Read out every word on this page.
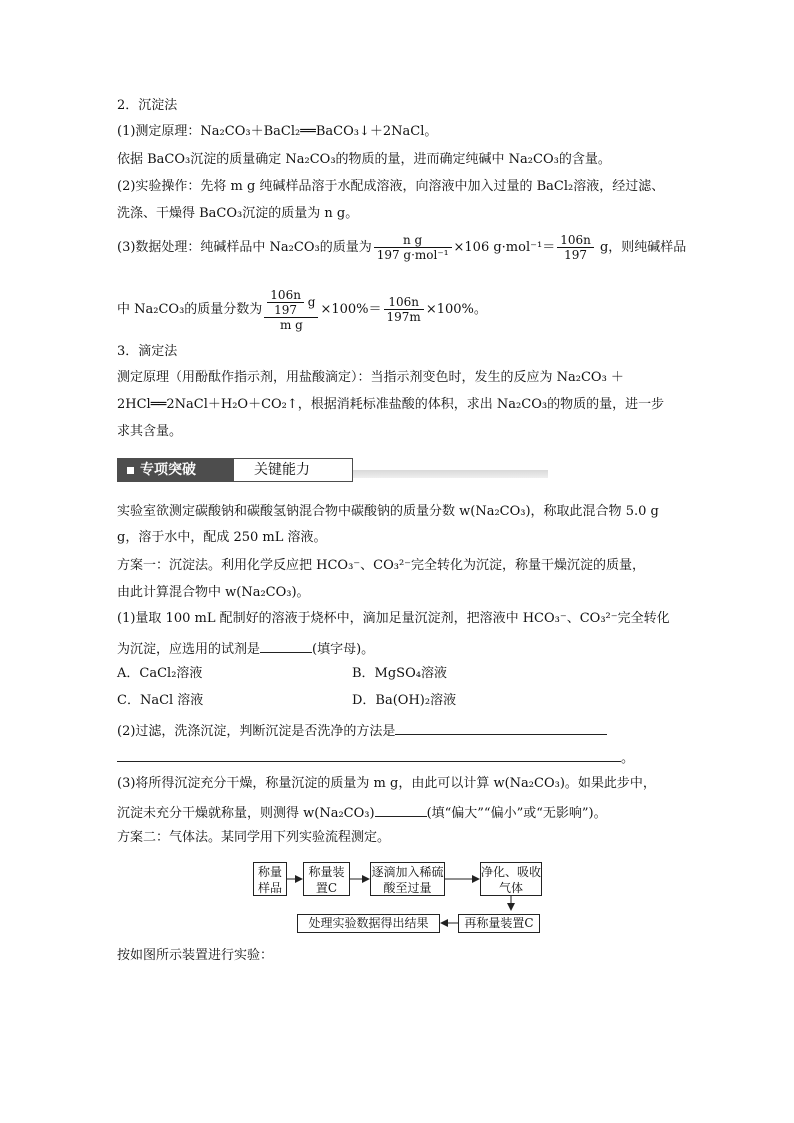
2．沉淀法
(1)测定原理：Na₂CO₃＋BaCl₂══BaCO₃↓＋2NaCl。
依据 BaCO₃沉淀的质量确定 Na₂CO₃的物质的量，进而确定纯碱中 Na₂CO₃的含量。
(2)实验操作：先将 m g 纯碱样品溶于水配成溶液，向溶液中加入过量的 BaCl₂溶液，经过滤、
洗涤、干燥得 BaCO₃沉淀的质量为 n g。
(3)数据处理：纯碱样品中 Na₂CO₃的质量为 $\frac{\text{n g}}{\text{197 g·mol⁻¹}} \times 106$ $g\cdot mol^{-1}= \frac{106n}{197}$ g，则纯碱样品
中 Na₂CO₃的质量分数为 $\frac{\frac{106n}{197} g}{\text{m g}} \times 100\%= \frac{106n}{197m} \times 100\%$。
3．滴定法
测定原理（用酚酞作指示剂，用盐酸滴定）：当指示剂变色时，发生的反应为 Na₂CO₃ ＋
2HCl══2NaCl＋H₂O＋CO₂↑，根据消耗标准盐酸的体积，求出 Na₂CO₃的物质的量，进一步
求其含量。
专项突破	关键能力
实验室欲测定碳酸钠和碳酸氢钠混合物中碳酸钠的质量分数 w(Na₂CO₃)，称取此混合物 5.0 g
g，溶于水中，配成 250 mL 溶液。
方案一：沉淀法。利用化学反应把 HCO₃⁻、CO₃²⁻完全转化为沉淀，称量干燥沉淀的质量，
由此计算混合物中 w(Na₂CO₃)。
(1)量取 100 mL 配制好的溶液于烧杯中，滴加足量沉淀剂，把溶液中 HCO₃⁻、CO₃²⁻完全转化
为沉淀，应选用的试剂是	(填字母)。
A．CaCl₂溶液	B．MgSO₄溶液
C．NaCl 溶液	D．Ba(OH)₂溶液
(2)过滤，洗涤沉淀，判断沉淀是否洗净的方法是
。
(3)将所得沉淀充分干燥，称量沉淀的质量为 m g，由此可以计算 w(Na₂CO₃)。如果此步中，
沉淀未充分干燥就称量，则测得 w(Na₂CO₃)	(填“偏大”“偏小”或“无影响”)。
方案二：气体法。某同学用下列实验流程测定。
称量样品
称量装置C
逐滴加入稀硫酸至过量
净化、吸收气体
再称量装置C
处理实验数据得出结果
按如图所示装置进行实验：
